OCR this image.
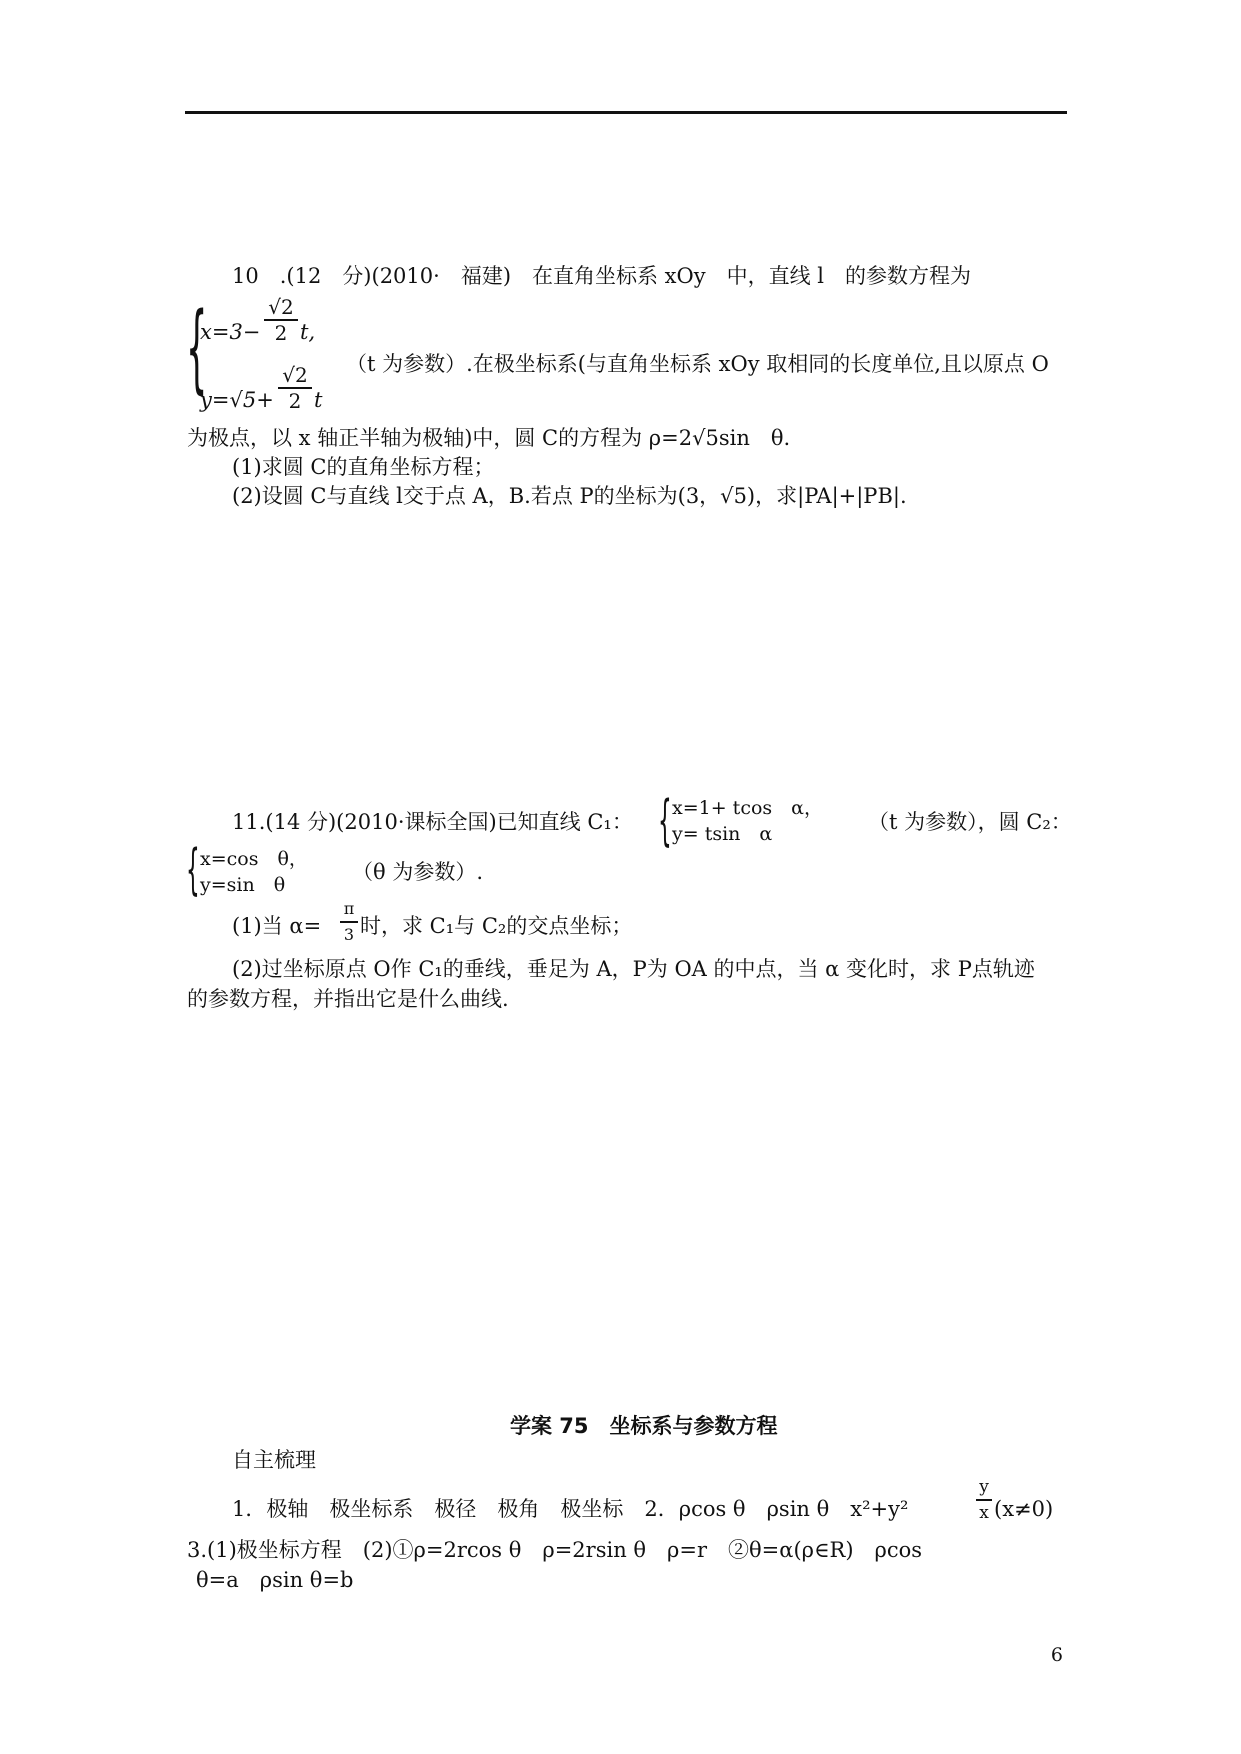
10　.(12　分)(2010·　福建)　在直角坐标系 xOy　中，直线 l　的参数方程为
{
x=3−
√2
2 t,
y=√5+
√2
2 t
（t 为参数）.在极坐标系(与直角坐标系 xOy 取相同的长度单位,且以原点 O
为极点，以 x 轴正半轴为极轴)中，圆 C的方程为 ρ=2√5sin　θ.
(1)求圆 C的直角坐标方程；
(2)设圆 C与直线 l交于点 A，B.若点 P的坐标为(3，√5)，求|PA|+|PB|.
11.(14 分)(2010·课标全国)已知直线 C₁： { x=1+ tcos　α，
y= tsin　α	（t 为参数），圆 C₂：
{ x=cos　θ，
y=sin　θ
（θ 为参数）.
(1)当 α=
π
3 时，求 C₁与 C₂的交点坐标；
(2)过坐标原点 O作 C₁的垂线，垂足为 A，P为 OA 的中点，当 α 变化时，求 P点轨迹
的参数方程，并指出它是什么曲线.
学案 75　坐标系与参数方程
自主梳理
1．极轴　极坐标系　极径　极角　极坐标　2．ρcos θ　ρsin θ　x²+y²
y
x (x≠0)
3.(1)极坐标方程　(2)①ρ=2rcos θ　ρ=2rsin θ　ρ=r　②θ=α(ρ∈R)　ρcos
θ=a　ρsin θ=b
6
